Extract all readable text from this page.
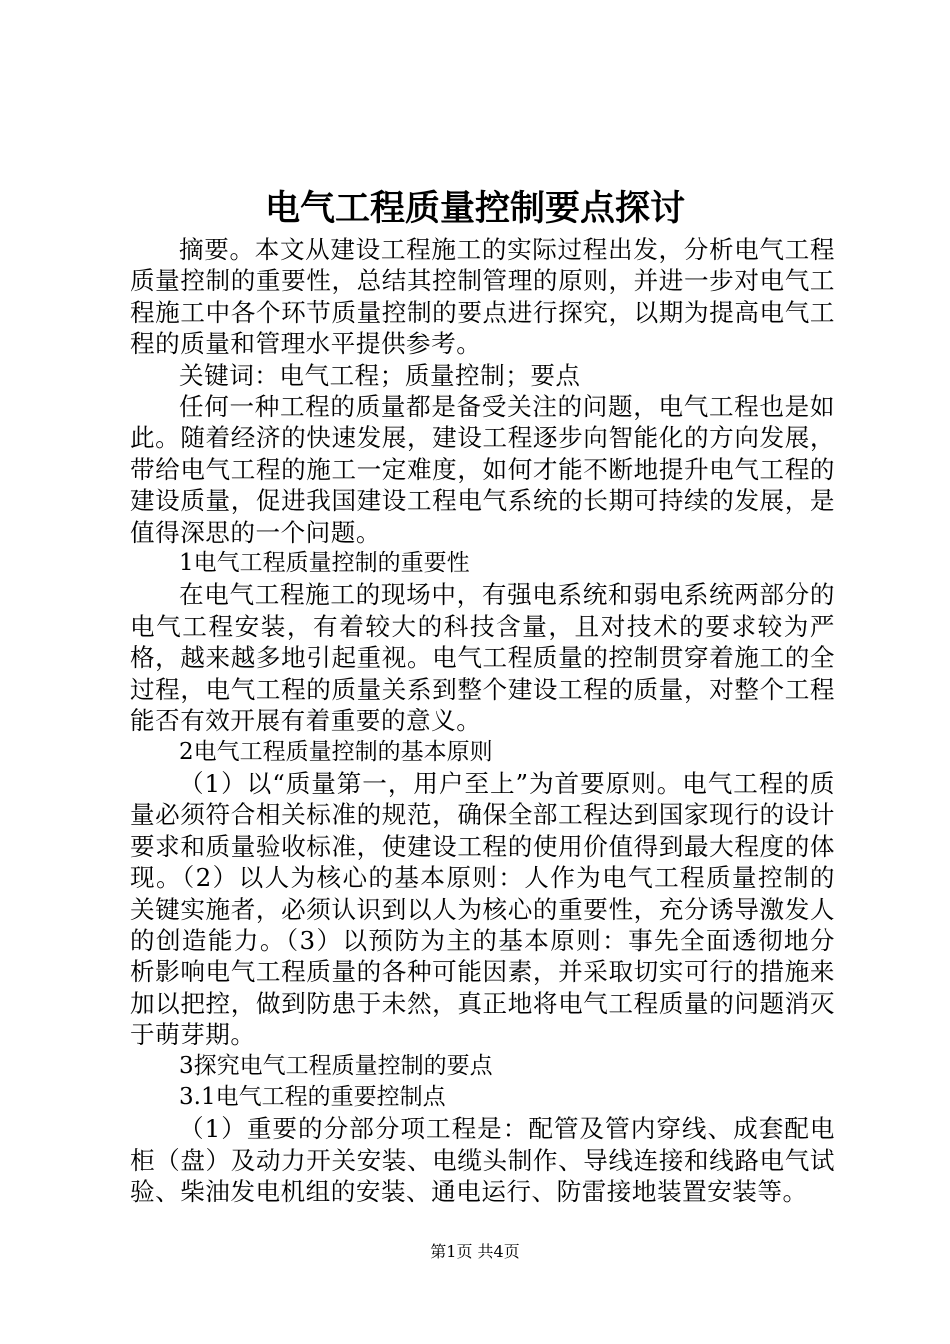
电气工程质量控制要点探讨

摘要。本文从建设工程施工的实际过程出发，分析电气工程质量控制的重要性，总结其控制管理的原则，并进一步对电气工程施工中各个环节质量控制的要点进行探究，以期为提高电气工程的质量和管理水平提供参考。

关键词：电气工程；质量控制；要点

任何一种工程的质量都是备受关注的问题，电气工程也是如此。随着经济的快速发展，建设工程逐步向智能化的方向发展，带给电气工程的施工一定难度，如何才能不断地提升电气工程的建设质量，促进我国建设工程电气系统的长期可持续的发展，是值得深思的一个问题。

1电气工程质量控制的重要性

在电气工程施工的现场中，有强电系统和弱电系统两部分的电气工程安装，有着较大的科技含量，且对技术的要求较为严格，越来越多地引起重视。电气工程质量的控制贯穿着施工的全过程，电气工程的质量关系到整个建设工程的质量，对整个工程能否有效开展有着重要的意义。

2电气工程质量控制的基本原则

（1）以“质量第一，用户至上”为首要原则。电气工程的质量必须符合相关标准的规范，确保全部工程达到国家现行的设计要求和质量验收标准，使建设工程的使用价值得到最大程度的体现。（2）以人为核心的基本原则：人作为电气工程质量控制的关键实施者，必须认识到以人为核心的重要性，充分诱导激发人的创造能力。（3）以预防为主的基本原则：事先全面透彻地分析影响电气工程质量的各种可能因素，并采取切实可行的措施来加以把控，做到防患于未然，真正地将电气工程质量的问题消灭于萌芽期。

3探究电气工程质量控制的要点

3.1电气工程的重要控制点

（1）重要的分部分项工程是：配管及管内穿线、成套配电柜（盘）及动力开关安装、电缆头制作、导线连接和线路电气试验、柴油发电机组的安装、通电运行、防雷接地装置安装等。

第1页 共4页
